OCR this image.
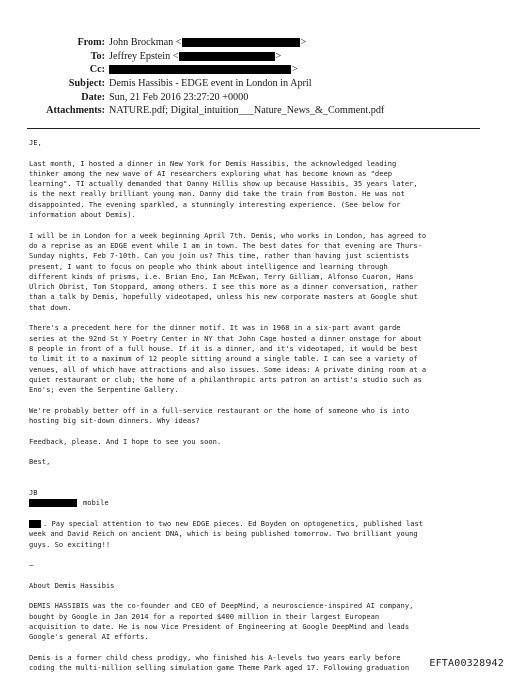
From: John Brockman <	>
To: Jeffrey Epstein <	>
Cc:	>
Subject: Demis Hassibis - EDGE event in London in April
Date: Sun, 21 Feb 2016 23:27:20 +0000
Attachments: NATURE.pdf; Digital_intuition___Nature_News_&_Comment.pdf

JE,

Last month, I hosted a dinner in New York for Demis Hassibis, the acknowledged leading

thinker among the new wave of AI researchers exploring what has become known as "deep

learning". TI actually demanded that Danny Hillis show up because Hassibis, 35 years later,

is the next really brilliant young man. Danny did take the train from Boston. He was not

disappointed. The evening sparkled, a stunningly interesting experience. (See below for

information about Demis).

I will be in London for a week beginning April 7th. Demis, who works in London, has agreed to

do a reprise as an EDGE event while I am in town. The best dates for that evening are Thurs-

Sunday nights, Feb 7-10th. Can you join us? This time, rather than having just scientists

present, I want to focus on people who think about intelligence and learning through

different kinds of prisms, i.e. Brian Eno, Ian McEwan, Terry Gilliam, Alfonso Cuaron, Hans

Ulrich Obrist, Tom Stoppard, among others. I see this more as a dinner conversation, rather

than a talk by Demis, hopefully videotaped, unless his new corporate masters at Google shut

that down.

There's a precedent here for the dinner motif. It was in 1968 in a six-part avant garde

series at the 92nd St Y Poetry Center in NY that John Cage hosted a dinner onstage for about

8 people in front of a full house. If it is a dinner, and it's videotaped, it would be best

to limit it to a maximum of 12 people sitting around a single table. I can see a variety of

venues, all of which have attractions and also issues. Some ideas: A private dining room at a

quiet restaurant or club; the home of a philanthropic arts patron an artist's studio such as

Eno's; even the Serpentine Gallery.

We're probably better off in a full-service restaurant or the home of someone who is into

hosting big sit-down dinners. Why ideas?

Feedback, please. And I hope to see you soon.

Best,

JB

mobile

. Pay special attention to two new EDGE pieces. Ed Boyden on optogenetics, published last

week and David Reich on ancient DNA, which is being published tomorrow. Two brilliant young

guys. So exciting!!

—

About Demis Hassibis

DEMIS HASSIBIS was the co-founder and CEO of DeepMind, a neuroscience-inspired AI company,

bought by Google in Jan 2014 for a reported $400 million in their largest European

acquisition to date. He is now Vice President of Engineering at Google DeepMind and leads

Google's general AI efforts.

Demis is a former child chess prodigy, who finished his A-levels two years early before

coding the multi-million selling simulation game Theme Park aged 17. Following graduation	EFTA00328942
